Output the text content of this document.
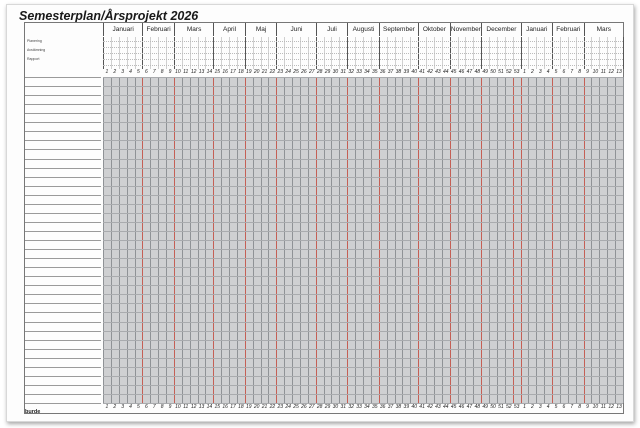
Semesterplan/Årsprojekt 2026
Januari	Februari	Mars	April	Maj	Juni	Juli	Augusti	September	Oktober November December	Januari	Februari	Mars
Planering
Avstämning
Rapport
1	2	3	4	5	6	7	8	9 10 11 12 13 14 15 16 17 18 19 20 21 22 23 24 25 26 27 28 29 30 31 32 33 34 35 36 37 38 39 40 41 42 43 44 45 46 47 48 49 50 51 52 53 1	2	3	4	5	6	7	8	9 10 11 12 13
1	2	3	4	5	6	7	8	9 10 11 12 13 14 15 16 17 18 19 20 21 22 23 24 25 26 27 28 29 30 31 32 33 34 35 36 37 38 39 40 41 42 43 44 45 46 47 48 49 50 51 52 53 1	2	3	4	5	6	7	8	9 10 11 12 13
burde
